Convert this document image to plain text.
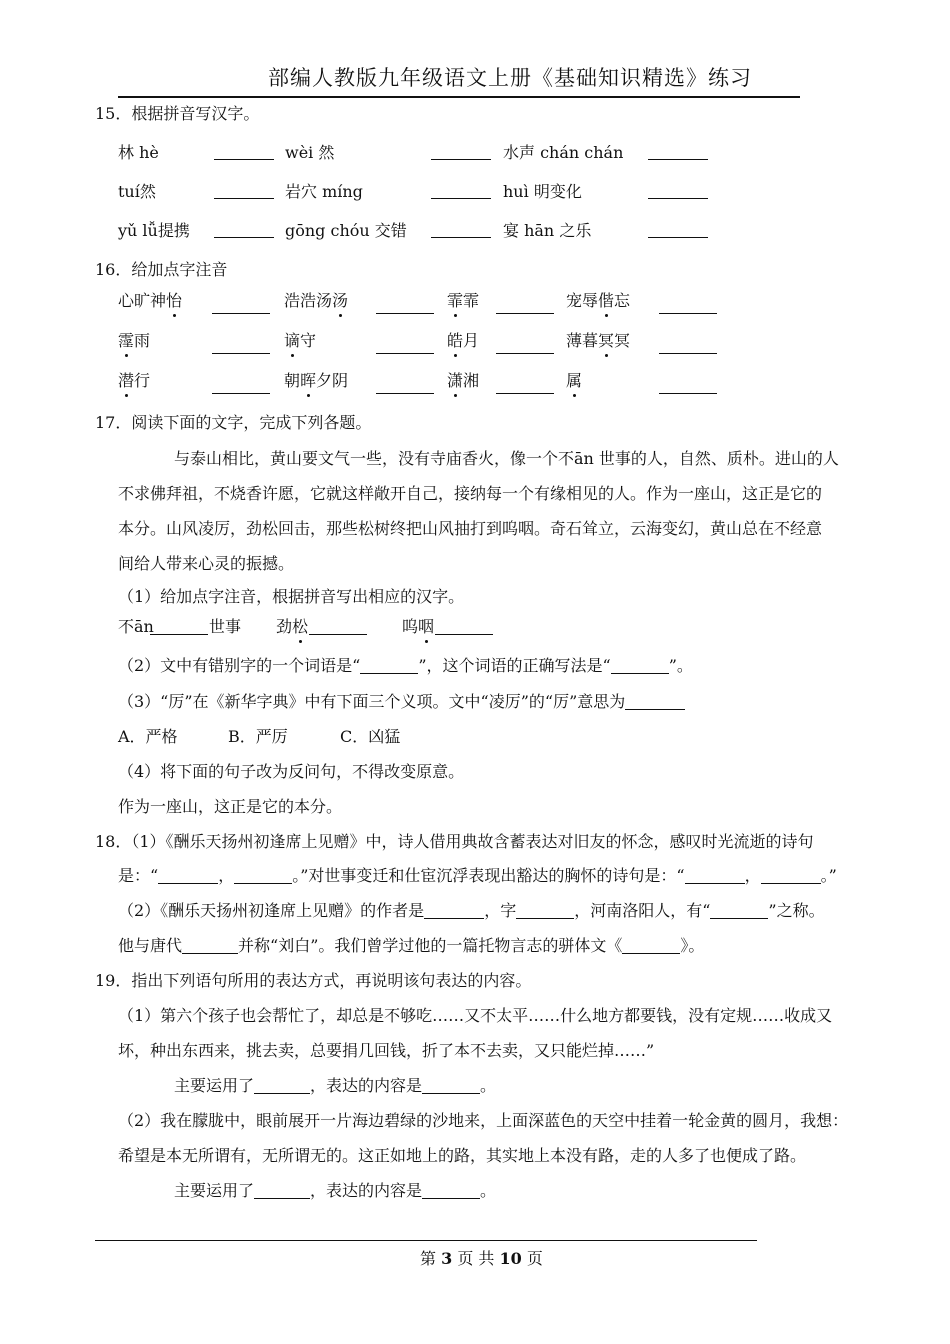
部编人教版九年级语文上册《基础知识精选》练习
15．根据拼音写汉字。
林 hè	wèi 然	水声 chán chán
tuí然	岩穴 míng	huì 明变化
yǔ lǚ提携	gōng chóu 交错	宴 hān 之乐
16．给加点字注音
心旷神怡	浩浩汤汤	霏霏	宠辱偕忘
霪雨	谪守	皓月	薄暮冥冥
潜行	朝晖夕阴	潇湘	属
17．阅读下面的文字，完成下列各题。
与泰山相比，黄山要文气一些，没有寺庙香火，像一个不ān 世事的人，自然、质朴。进山的人
不求佛拜祖，不烧香许愿，它就这样敞开自己，接纳每一个有缘相见的人。作为一座山，这正是它的
本分。山风凌厉，劲松回击，那些松树终把山风抽打到呜咽。奇石耸立，云海变幻，黄山总在不经意
间给人带来心灵的振撼。
（1）给加点字注音，根据拼音写出相应的汉字。
不ān	世事 劲松	呜咽
（2）文中有错别字的一个词语是“	”，这个词语的正确写法是“	”。
（3）“厉”在《新华字典》中有下面三个义项。文中“凌厉”的“厉”意思为
A．严格	B．严厉	C．凶猛
（4）将下面的句子改为反问句，不得改变原意。
作为一座山，这正是它的本分。
18．（1）《酬乐天扬州初逢席上见赠》中，诗人借用典故含蓄表达对旧友的怀念，感叹时光流逝的诗句
是：“	，	。”对世事变迁和仕宦沉浮表现出豁达的胸怀的诗句是：“	，	。”
（2）《酬乐天扬州初逢席上见赠》的作者是	，字	，河南洛阳人，有“	”之称。
他与唐代	并称“刘白”。我们曾学过他的一篇托物言志的骈体文《	》。
19．指出下列语句所用的表达方式，再说明该句表达的内容。
（1）第六个孩子也会帮忙了，却总是不够吃……又不太平……什么地方都要钱，没有定规……收成又
坏，种出东西来，挑去卖，总要捐几回钱，折了本不去卖，又只能烂掉……”
主要运用了	，表达的内容是	。
（2）我在朦胧中，眼前展开一片海边碧绿的沙地来，上面深蓝色的天空中挂着一轮金黄的圆月，我想：
希望是本无所谓有，无所谓无的。这正如地上的路，其实地上本没有路，走的人多了也便成了路。
主要运用了	，表达的内容是	。
第 3 页 共 10 页
